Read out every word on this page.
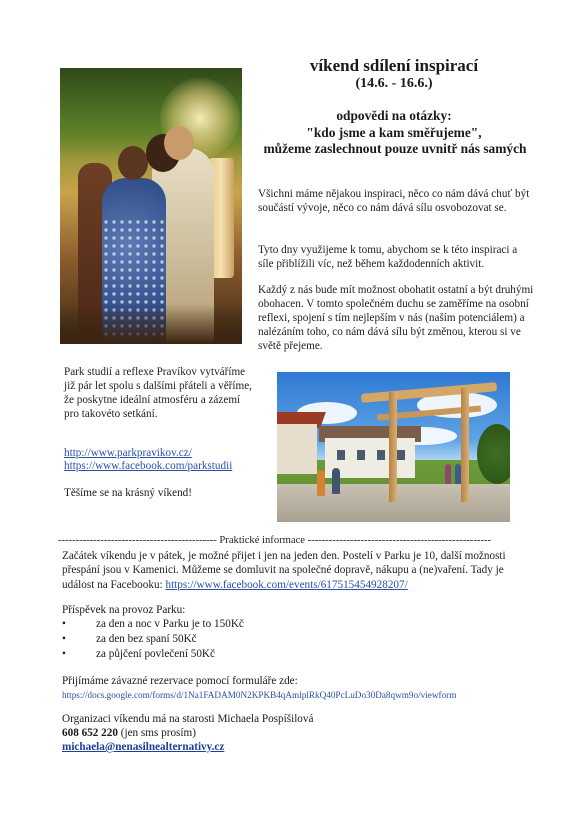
víkend sdílení inspirací
(14.6. - 16.6.)
odpovědi na otázky:
"kdo jsme a kam směřujeme",
můžeme zaslechnout pouze uvnitř nás samých
Všichni máme nějakou inspiraci, něco co nám dává chuť být součástí vývoje, něco co nám dává sílu osvobozovat se.
Tyto dny využijeme k tomu, abychom se k této inspiraci a síle přiblížili víc, než během každodenních aktivit.
Každý z nás bude mít možnost obohatit ostatní a být druhými obohacen. V tomto společném duchu se zaměříme na osobní reflexi, spojení s tím nejlepším v nás (naším potenciálem) a nalézáním toho, co nám dává sílu být změnou, kterou si ve světě přejeme.
Park studií a reflexe Pravíkov vytváříme již pár let spolu s dalšími přáteli a věříme, že poskytne ideální atmosféru a zázemí pro takovéto setkání.
http://www.parkpravikov.cz/
https://www.facebook.com/parkstudii
Těšíme se na krásný víkend!
--------------------------------------------- Praktické informace ----------------------------------------------------
Začátek víkendu je v pátek, je možné přijet i jen na jeden den. Postelí v Parku je 10, další možnosti přespání jsou v Kamenici. Můžeme se domluvit na společné dopravě, nákupu a (ne)vaření. Tady je událost na Facebooku: https://www.facebook.com/events/617515454928207/
Příspěvek na provoz Parku:
•	za den a noc v Parku je to 150Kč
•	za den bez spaní 50Kč
•	za půjčení povlečení 50Kč
Přijímáme závazné rezervace pomocí formuláře zde:
https://docs.google.com/forms/d/1Na1FADAM0N2KPKB4qAmlplRkQ40PcLuDo30Da8qwm9o/viewform
Organizaci víkendu má na starosti Michaela Pospíšilová
608 652 220 (jen sms prosím)
michaela@nenasilnealternativy.cz
